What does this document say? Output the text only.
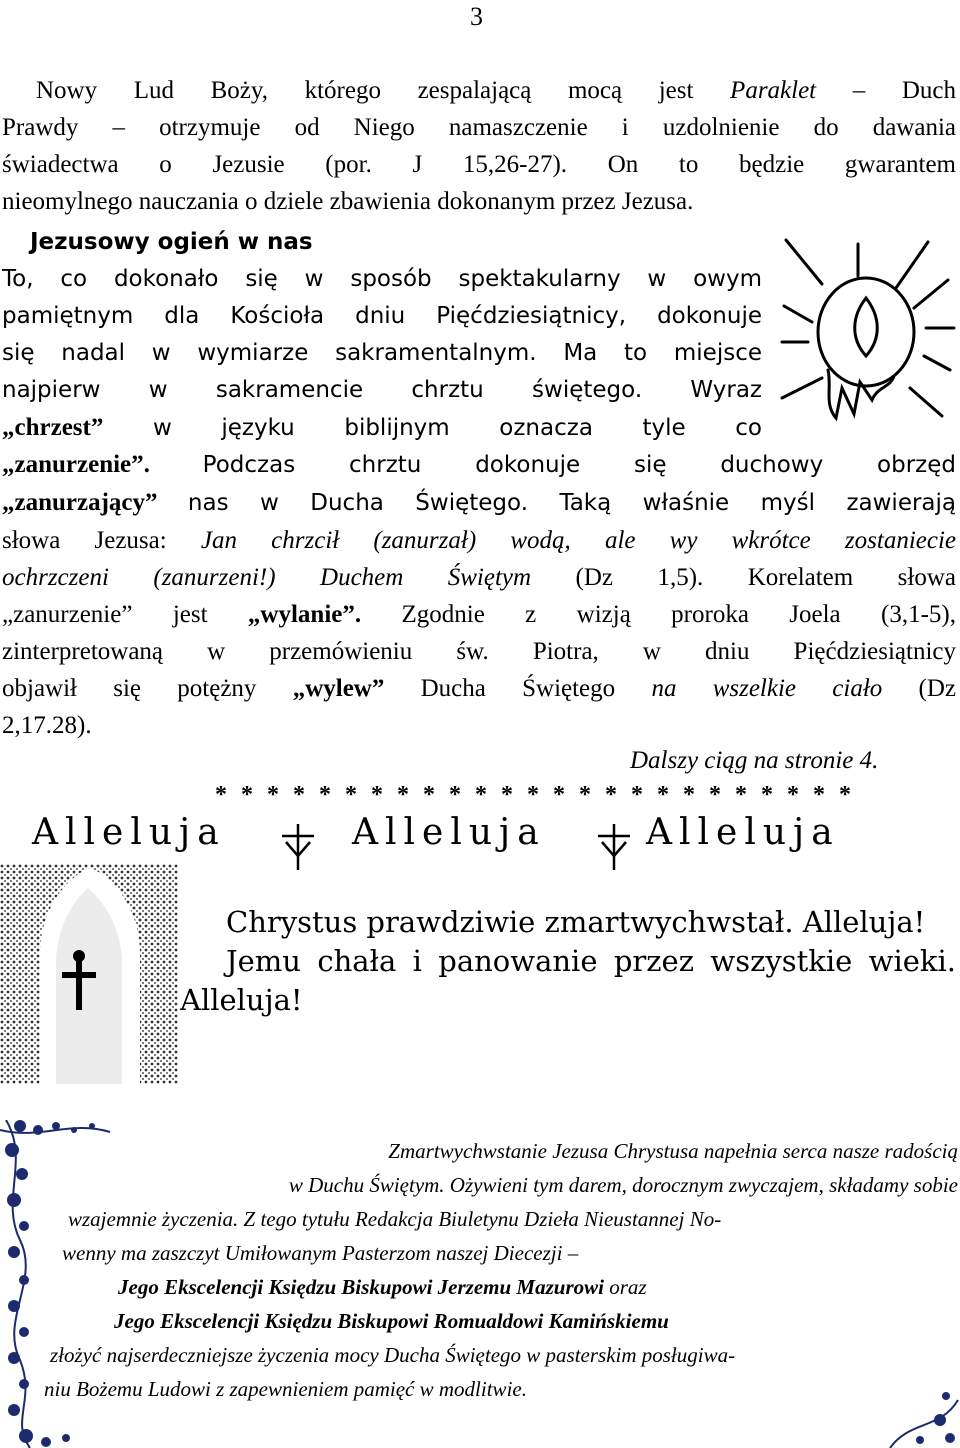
3
Nowy Lud Boży, którego zespalającą mocą jest Paraklet – Duch
Prawdy – otrzymuje od Niego namaszczenie i uzdolnienie do dawania
świadectwa o Jezusie (por. J 15,26-27). On to będzie gwarantem
nieomylnego nauczania o dziele zbawienia dokonanym przez Jezusa.
Jezusowy ogień w nas
To, co dokonało się w sposób spektakularny w owym
pamiętnym dla Kościoła dniu Pięćdziesiątnicy, dokonuje
się nadal w wymiarze sakramentalnym. Ma to miejsce
najpierw w sakramencie chrztu świętego. Wyraz
„chrzest” w języku biblijnym oznacza tyle co
„zanurzenie”. Podczas chrztu dokonuje się duchowy obrzęd
„zanurzający” nas w Ducha Świętego. Taką właśnie myśl zawierają
słowa Jezusa: Jan chrzcił (zanurzał) wodą, ale wy wkrótce zostaniecie
ochrzczeni (zanurzeni!) Duchem Świętym (Dz 1,5). Korelatem słowa
„zanurzenie” jest „wylanie”. Zgodnie z wizją proroka Joela (3,1-5),
zinterpretowaną w przemówieniu św. Piotra, w dniu Pięćdziesiątnicy
objawił się potężny „wylew” Ducha Świętego na wszelkie ciało (Dz
2,17.28).
Dalszy ciąg na stronie 4.
* * * * * * * * * * * * * * * * * * * * * * * * *
Alleluja	Alleluja	Alleluja
Chrystus prawdziwie zmartwychwstał. Alleluja!
Jemu chała i panowanie przez wszystkie wieki.
Alleluja!
Zmartwychwstanie Jezusa Chrystusa napełnia serca nasze radością
w Duchu Świętym. Ożywieni tym darem, dorocznym zwyczajem, składamy sobie
wzajemnie życzenia. Z tego tytułu Redakcja Biuletynu Dzieła Nieustannej No-
wenny ma zaszczyt Umiłowanym Pasterzom naszej Diecezji –
Jego Ekscelencji Księdzu Biskupowi Jerzemu Mazurowi oraz
Jego Ekscelencji Księdzu Biskupowi Romualdowi Kamińskiemu
złożyć najserdeczniejsze życzenia mocy Ducha Świętego w pasterskim posługiwa-
niu Bożemu Ludowi z zapewnieniem pamięć w modlitwie.
